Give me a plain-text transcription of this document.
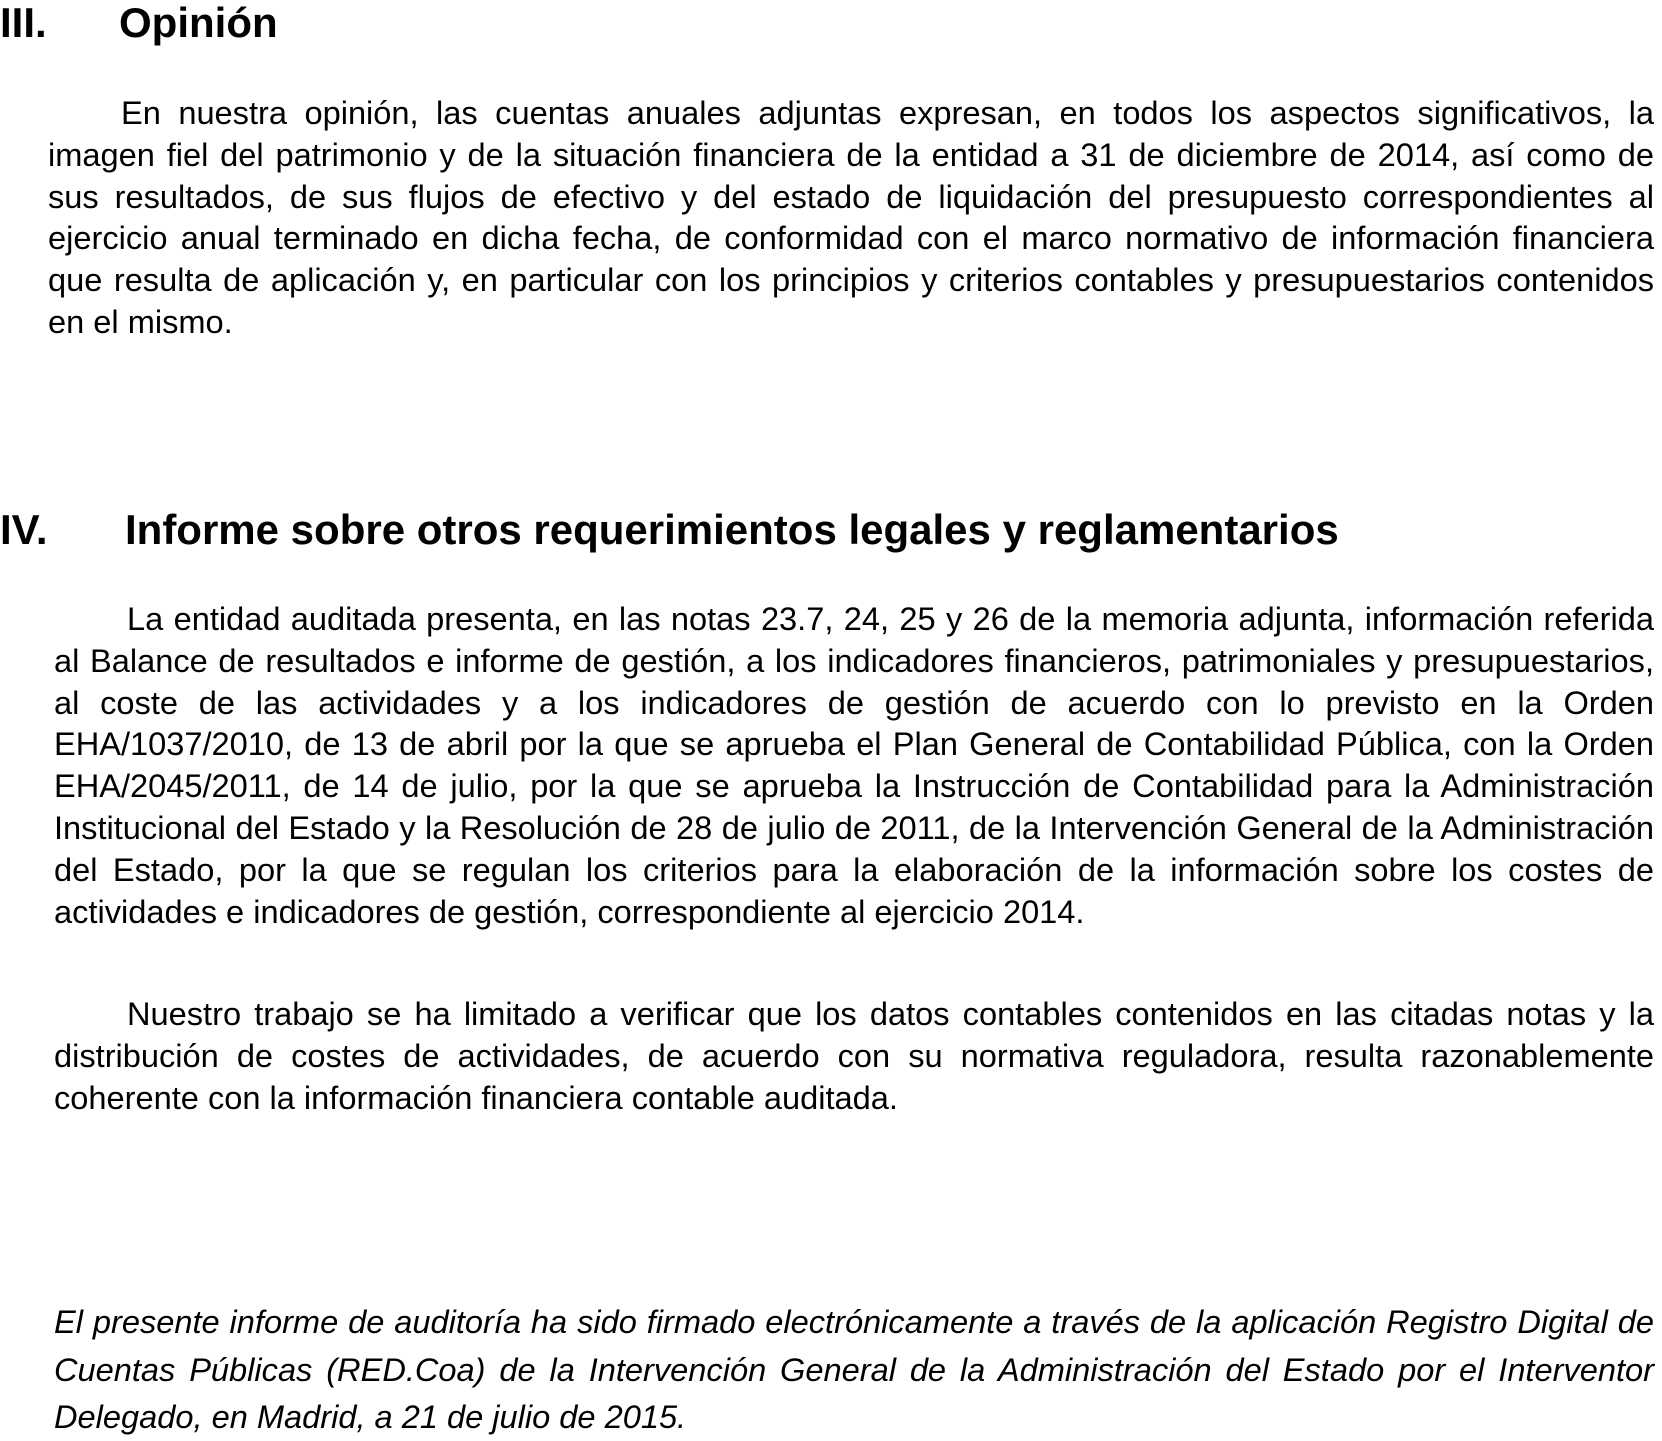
III. Opinión

En nuestra opinión, las cuentas anuales adjuntas expresan, en todos los aspectos significativos, la imagen fiel del patrimonio y de la situación financiera de la entidad a 31 de diciembre de 2014, así como de sus resultados, de sus flujos de efectivo y del estado de liquidación del presupuesto correspondientes al ejercicio anual terminado en dicha fecha, de conformidad con el marco normativo de información financiera que resulta de aplicación y, en particular con los principios y criterios contables y presupuestarios contenidos en el mismo.

IV. Informe sobre otros requerimientos legales y reglamentarios

La entidad auditada presenta, en las notas 23.7, 24, 25 y 26 de la memoria adjunta, información referida al Balance de resultados e informe de gestión, a los indicadores financieros, patrimoniales y presupuestarios, al coste de las actividades y a los indicadores de gestión de acuerdo con lo previsto en la Orden EHA/1037/2010, de 13 de abril por la que se aprueba el Plan General de Contabilidad Pública, con la Orden EHA/2045/2011, de 14 de julio, por la que se aprueba la Instrucción de Contabilidad para la Administración Institucional del Estado y la Resolución de 28 de julio de 2011, de la Intervención General de la Administración del Estado, por la que se regulan los criterios para la elaboración de la información sobre los costes de actividades e indicadores de gestión, correspondiente al ejercicio 2014.

Nuestro trabajo se ha limitado a verificar que los datos contables contenidos en las citadas notas y la distribución de costes de actividades, de acuerdo con su normativa reguladora, resulta razonablemente coherente con la información financiera contable auditada.

El presente informe de auditoría ha sido firmado electrónicamente a través de la aplicación Registro Digital de Cuentas Públicas (RED.Coa) de la Intervención General de la Administración del Estado por el Interventor Delegado, en Madrid, a 21 de julio de 2015.
